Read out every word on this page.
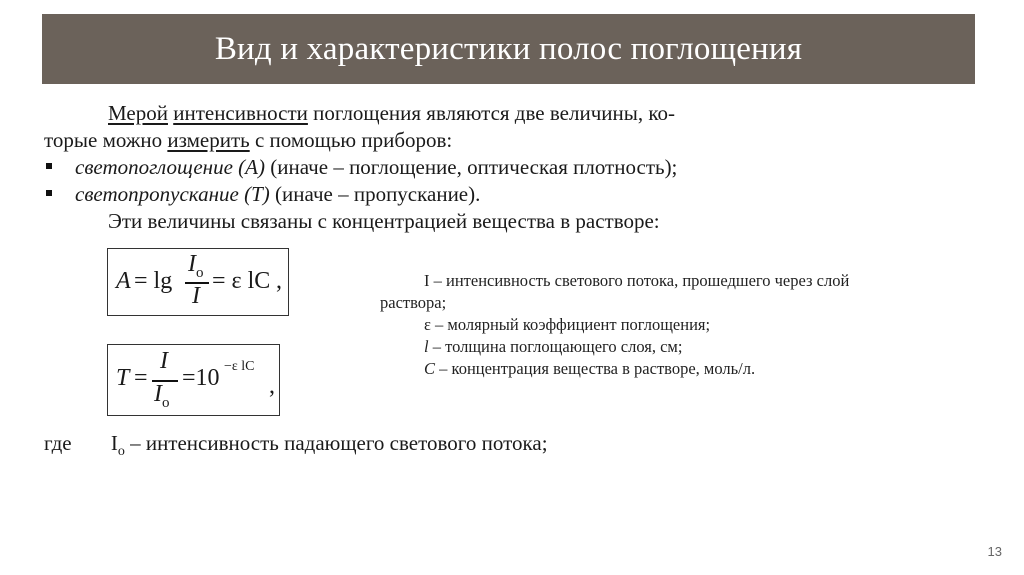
Вид и характеристики полос поглощения
Мерой интенсивности поглощения являются две величины, ко-
торые можно измерить с помощью приборов:
светопоглощение (А) (иначе – поглощение, оптическая плотность);
светопропускание (Т) (иначе – пропускание).
Эти величины связаны с концентрацией вещества в растворе:
A = lg
$I_o$
I
= ε lC ,
T =
I
$I_o$
=10 −ε lC
,
I – интенсивность светового потока, прошедшего через слой
раствора;
ε – молярный коэффициент поглощения;
l – толщина поглощающего слоя, см;
C – концентрация вещества в растворе, моль/л.
где $I_o$ – интенсивность падающего светового потока;
13
